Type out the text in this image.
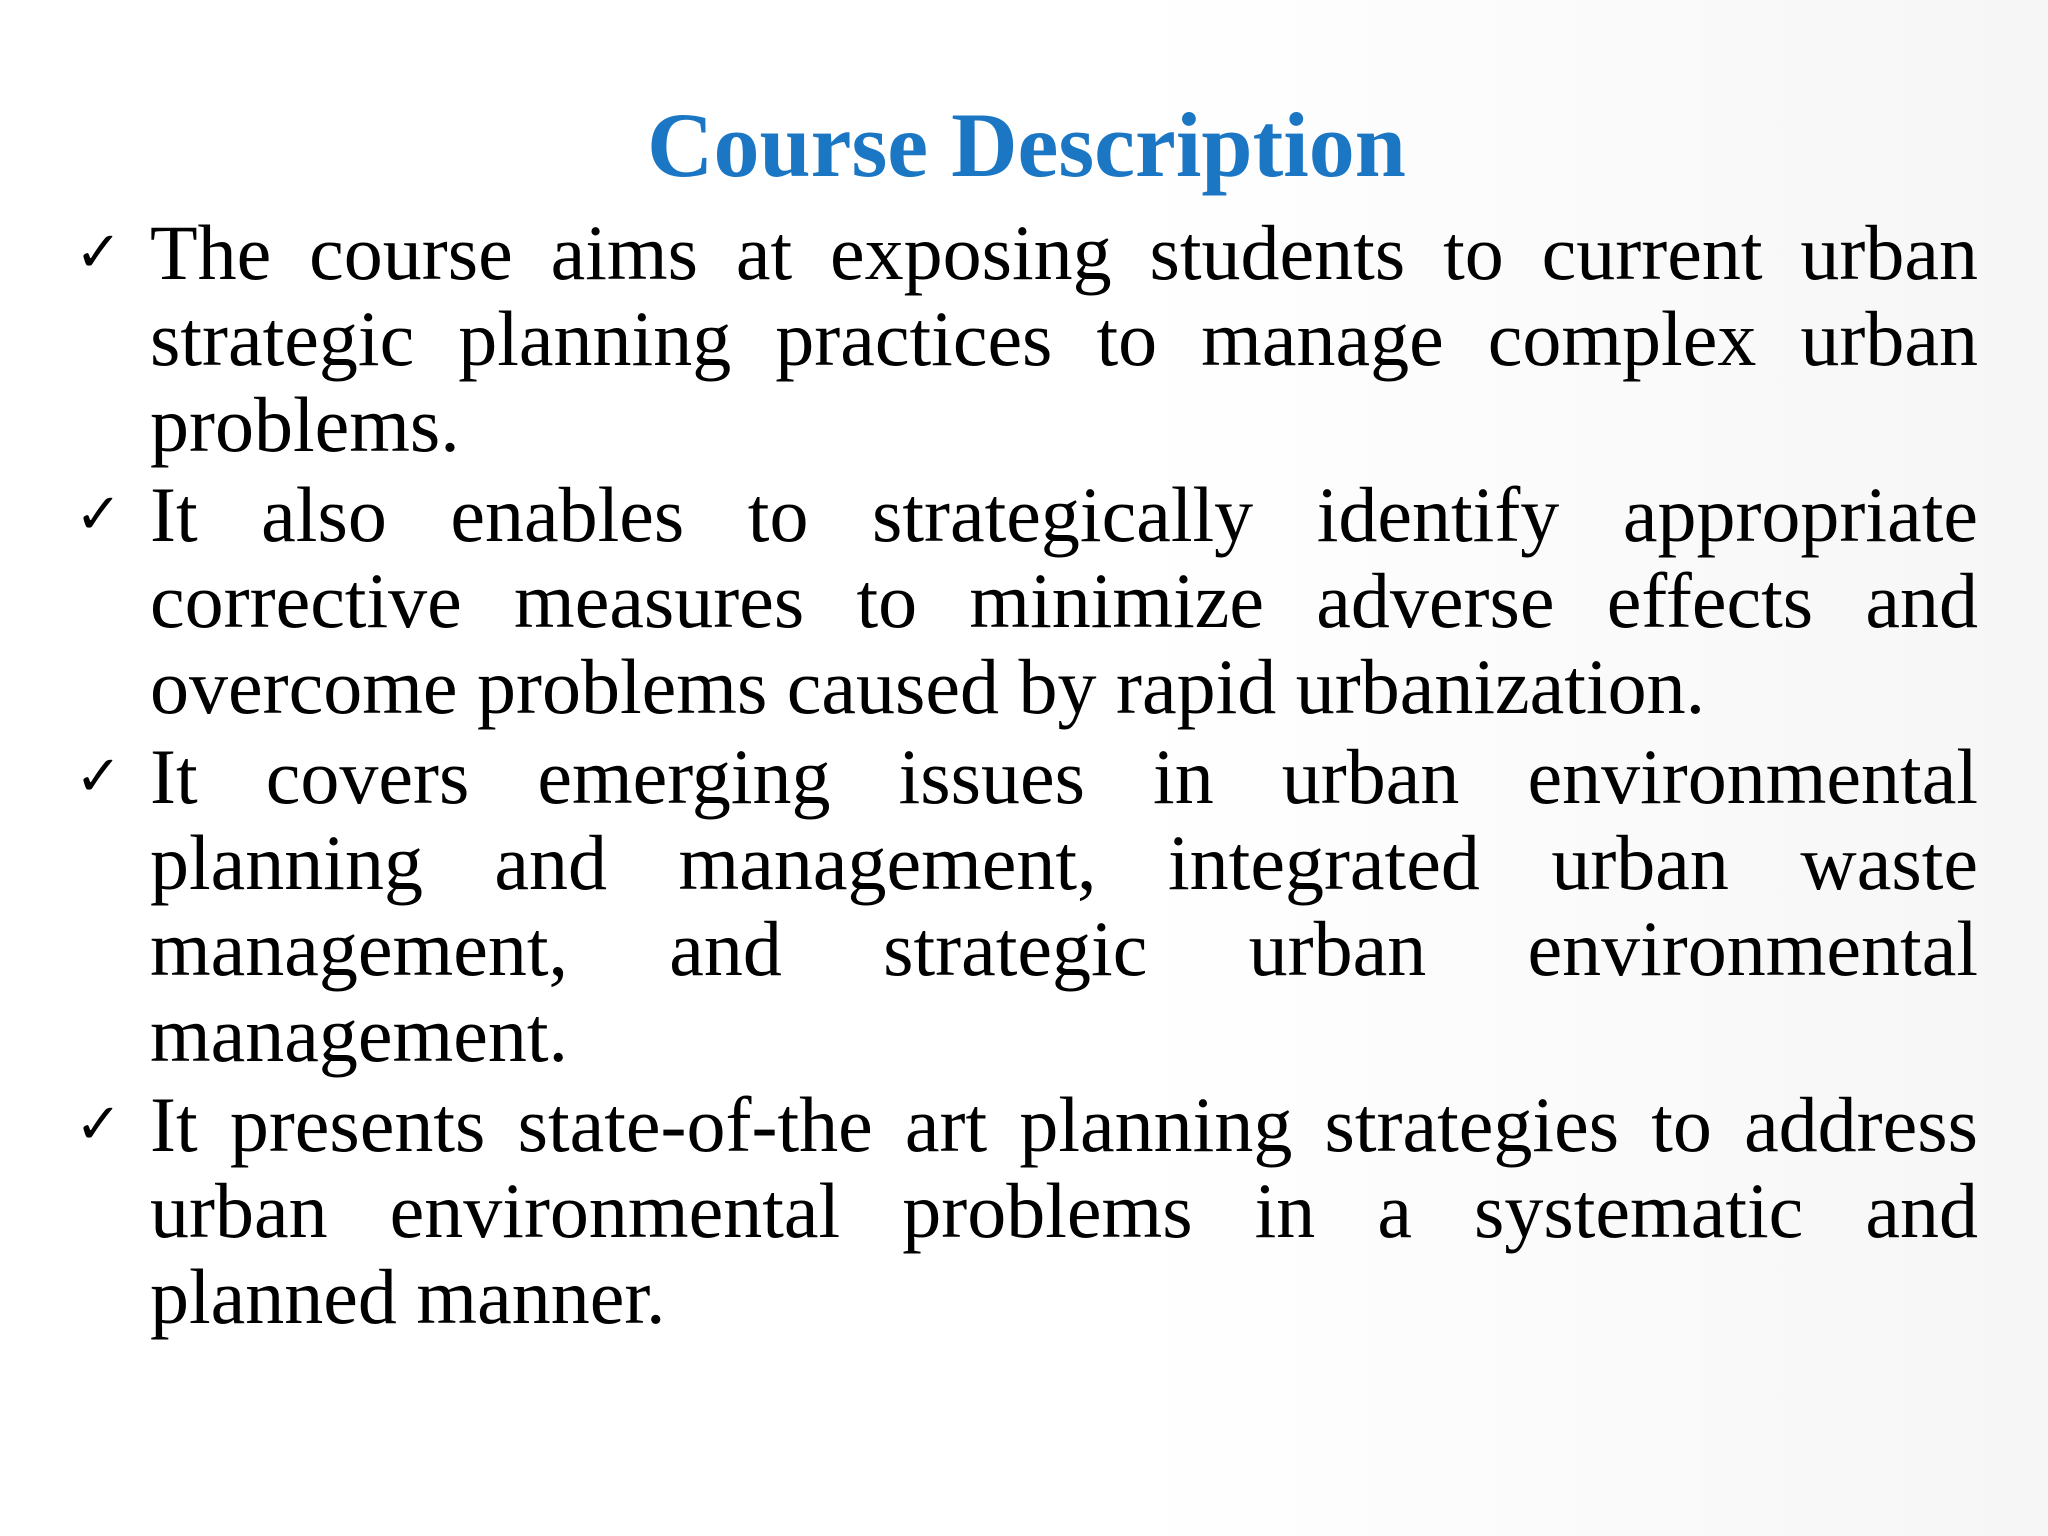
Course Description
✓ The course aims at exposing students to current urban strategic planning practices to manage complex urban problems.
✓ It also enables to strategically identify appropriate corrective measures to minimize adverse effects and overcome problems caused by rapid urbanization.
✓ It covers emerging issues in urban environmental planning and management, integrated urban waste management, and strategic urban environmental management.
✓ It presents state-of-the art planning strategies to address urban environmental problems in a systematic and planned manner.
